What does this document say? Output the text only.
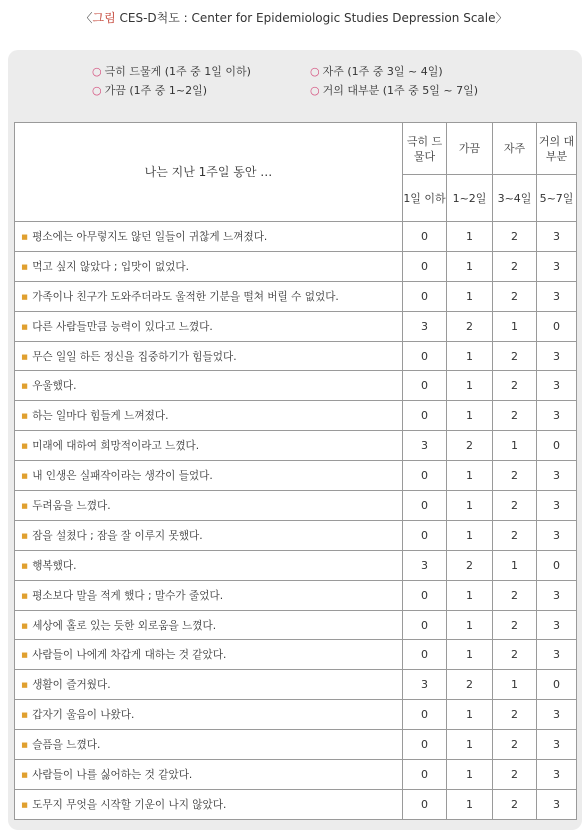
〈그림 CES-D척도 : Center for Epidemiologic Studies Depression Scale〉
○ 극히 드물게 (1주 중 1일 이하)	○ 자주 (1주 중 3일 ~ 4일)
○ 가끔 (1주 중 1~2일)	○ 거의 대부분 (1주 중 5일 ~ 7일)
나는 지난 1주일 동안 …	극히 드물다	가끔	자주	거의 대부분
	1일 이하	1~2일	3~4일	5~7일
▪ 평소에는 아무렇지도 않던 일들이 귀찮게 느껴졌다.	0	1	2	3
▪ 먹고 싶지 않았다 ; 입맛이 없었다.	0	1	2	3
▪ 가족이나 친구가 도와주더라도 울적한 기분을 떨쳐 버릴 수 없었다.	0	1	2	3
▪ 다른 사람들만큼 능력이 있다고 느꼈다.	3	2	1	0
▪ 무슨 일일 하든 정신을 집중하기가 힘들었다.	0	1	2	3
▪ 우울했다.	0	1	2	3
▪ 하는 일마다 힘들게 느껴졌다.	0	1	2	3
▪ 미래에 대하여 희망적이라고 느꼈다.	3	2	1	0
▪ 내 인생은 실패작이라는 생각이 들었다.	0	1	2	3
▪ 두려움을 느꼈다.	0	1	2	3
▪ 잠을 설쳤다 ; 잠을 잘 이루지 못했다.	0	1	2	3
▪ 행복했다.	3	2	1	0
▪ 평소보다 말을 적게 했다 ; 말수가 줄었다.	0	1	2	3
▪ 세상에 홀로 있는 듯한 외로움을 느꼈다.	0	1	2	3
▪ 사람들이 나에게 차갑게 대하는 것 같았다.	0	1	2	3
▪ 생활이 즐거웠다.	3	2	1	0
▪ 갑자기 울음이 나왔다.	0	1	2	3
▪ 슬픔을 느꼈다.	0	1	2	3
▪ 사람들이 나를 싫어하는 것 같았다.	0	1	2	3
▪ 도무지 무엇을 시작할 기운이 나지 않았다.	0	1	2	3
